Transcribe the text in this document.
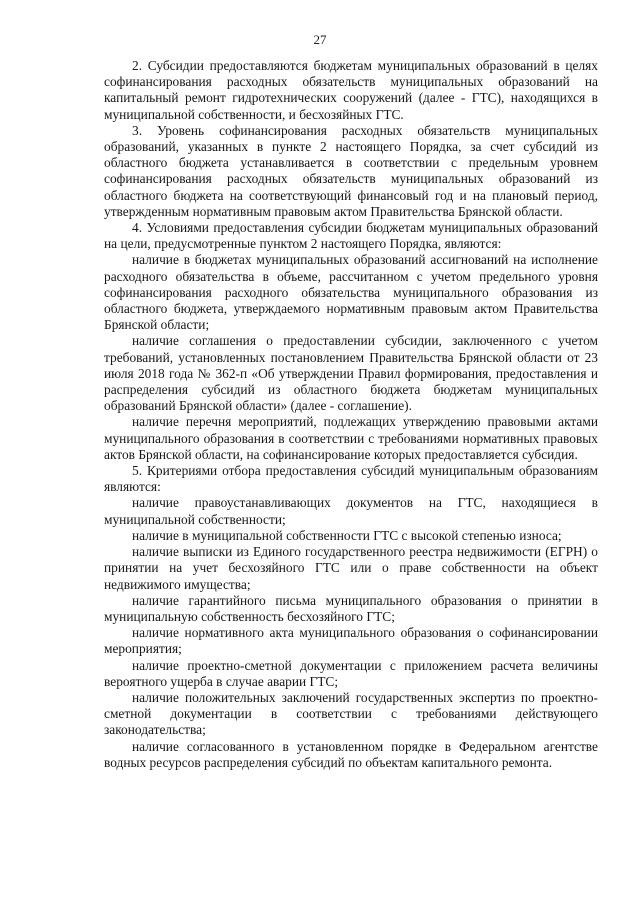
27

2. Субсидии предоставляются бюджетам муниципальных образований в целях софинансирования расходных обязательств муниципальных образований на капитальный ремонт гидротехнических сооружений (далее - ГТС), находящихся в муниципальной собственности, и бесхозяйных ГТС.

3. Уровень софинансирования расходных обязательств муниципальных образований, указанных в пункте 2 настоящего Порядка, за счет субсидий из областного бюджета устанавливается в соответствии с предельным уровнем софинансирования расходных обязательств муниципальных образований из областного бюджета на соответствующий финансовый год и на плановый период, утвержденным нормативным правовым актом Правительства Брянской области.

4. Условиями предоставления субсидии бюджетам муниципальных образований на цели, предусмотренные пунктом 2 настоящего Порядка, являются:

наличие в бюджетах муниципальных образований ассигнований на исполнение расходного обязательства в объеме, рассчитанном с учетом предельного уровня софинансирования расходного обязательства муниципального образования из областного бюджета, утверждаемого нормативным правовым актом Правительства Брянской области;

наличие соглашения о предоставлении субсидии, заключенного с учетом требований, установленных постановлением Правительства Брянской области от 23 июля 2018 года № 362-п «Об утверждении Правил формирования, предоставления и распределения субсидий из областного бюджета бюджетам муниципальных образований Брянской области» (далее - соглашение).

наличие перечня мероприятий, подлежащих утверждению правовыми актами муниципального образования в соответствии с требованиями нормативных правовых актов Брянской области, на софинансирование которых предоставляется субсидия.

5. Критериями отбора предоставления субсидий муниципальным образованиям являются:

наличие правоустанавливающих документов на ГТС, находящиеся в муниципальной собственности;

наличие в муниципальной собственности ГТС с высокой степенью износа;

наличие выписки из Единого государственного реестра недвижимости (ЕГРН) о принятии на учет бесхозяйного ГТС или о праве собственности на объект недвижимого имущества;

наличие гарантийного письма муниципального образования о принятии в муниципальную собственность бесхозяйного ГТС;

наличие нормативного акта муниципального образования о софинансировании мероприятия;

наличие проектно-сметной документации с приложением расчета величины вероятного ущерба в случае аварии ГТС;

наличие положительных заключений государственных экспертиз по проектно-сметной документации в соответствии с требованиями действующего законодательства;

наличие согласованного в установленном порядке в Федеральном агентстве водных ресурсов распределения субсидий по объектам капитального ремонта.
